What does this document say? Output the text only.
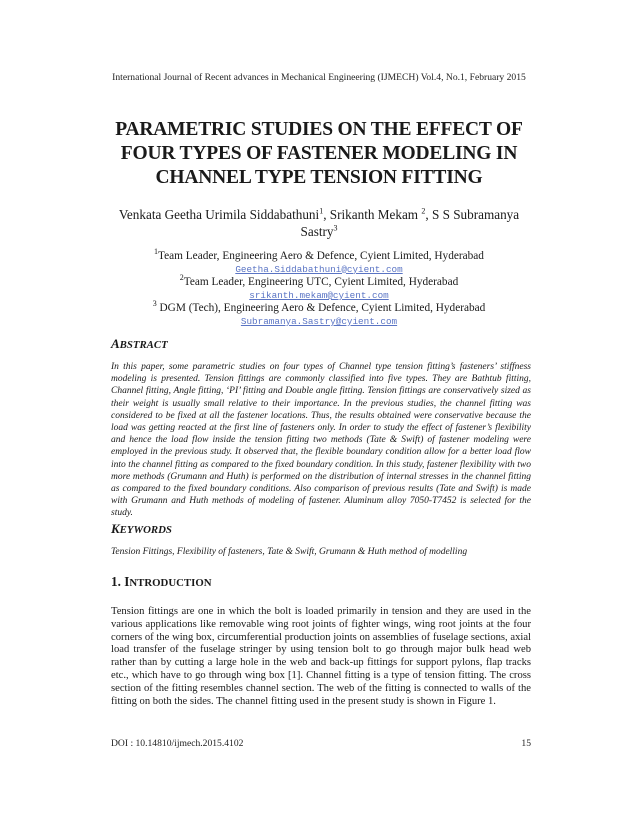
International Journal of Recent advances in Mechanical Engineering (IJMECH) Vol.4, No.1, February 2015
PARAMETRIC STUDIES ON THE EFFECT OF
FOUR TYPES OF FASTENER MODELING IN
CHANNEL TYPE TENSION FITTING
Venkata Geetha Urimila Siddabathuni$^1$, Srikanth Mekam $^2$, S S Subramanya
Sastry$^3$
$^1$Team Leader, Engineering Aero & Defence, Cyient Limited, Hyderabad
Geetha.Siddabathuni@cyient.com
$^2$Team Leader, Engineering UTC, Cyient Limited, Hyderabad
srikanth.mekam@cyient.com
$^3$ DGM (Tech), Engineering Aero & Defence, Cyient Limited, Hyderabad
Subramanya.Sastry@cyient.com
ABSTRACT
In this paper, some parametric studies on four types of Channel type tension fitting’s fasteners’ stiffness modeling is presented. Tension fittings are commonly classified into five types. They are Bathtub fitting, Channel fitting, Angle fitting, ‘PI’ fitting and Double angle fitting. Tension fittings are conservatively sized as their weight is usually small relative to their importance. In the previous studies, the channel fitting was considered to be fixed at all the fastener locations. Thus, the results obtained were conservative because the load was getting reacted at the first line of fasteners only. In order to study the effect of fastener’s flexibility and hence the load flow inside the tension fitting two methods (Tate & Swift) of fastener modeling were employed in the previous study. It observed that, the flexible boundary condition allow for a better load flow into the channel fitting as compared to the fixed boundary condition. In this study, fastener flexibility with two more methods (Grumann and Huth) is performed on the distribution of internal stresses in the channel fitting as compared to the fixed boundary conditions. Also comparison of previous results (Tate and Swift) is made with Grumann and Huth methods of modeling of fastener. Aluminum alloy 7050-T7452 is selected for the study.
KEYWORDS
Tension Fittings, Flexibility of fasteners, Tate & Swift, Grumann & Huth method of modelling
1. INTRODUCTION
Tension fittings are one in which the bolt is loaded primarily in tension and they are used in the various applications like removable wing root joints of fighter wings, wing root joints at the four corners of the wing box, circumferential production joints on assemblies of fuselage sections, axial load transfer of the fuselage stringer by using tension bolt to go through major bulk head web rather than by cutting a large hole in the web and back-up fittings for support pylons, flap tracks etc., which have to go through wing box [1]. Channel fitting is a type of tension fitting. The cross section of the fitting resembles channel section. The web of the fitting is connected to walls of the fitting on both the sides. The channel fitting used in the present study is shown in Figure 1.
DOI : 10.14810/ijmech.2015.4102	15
